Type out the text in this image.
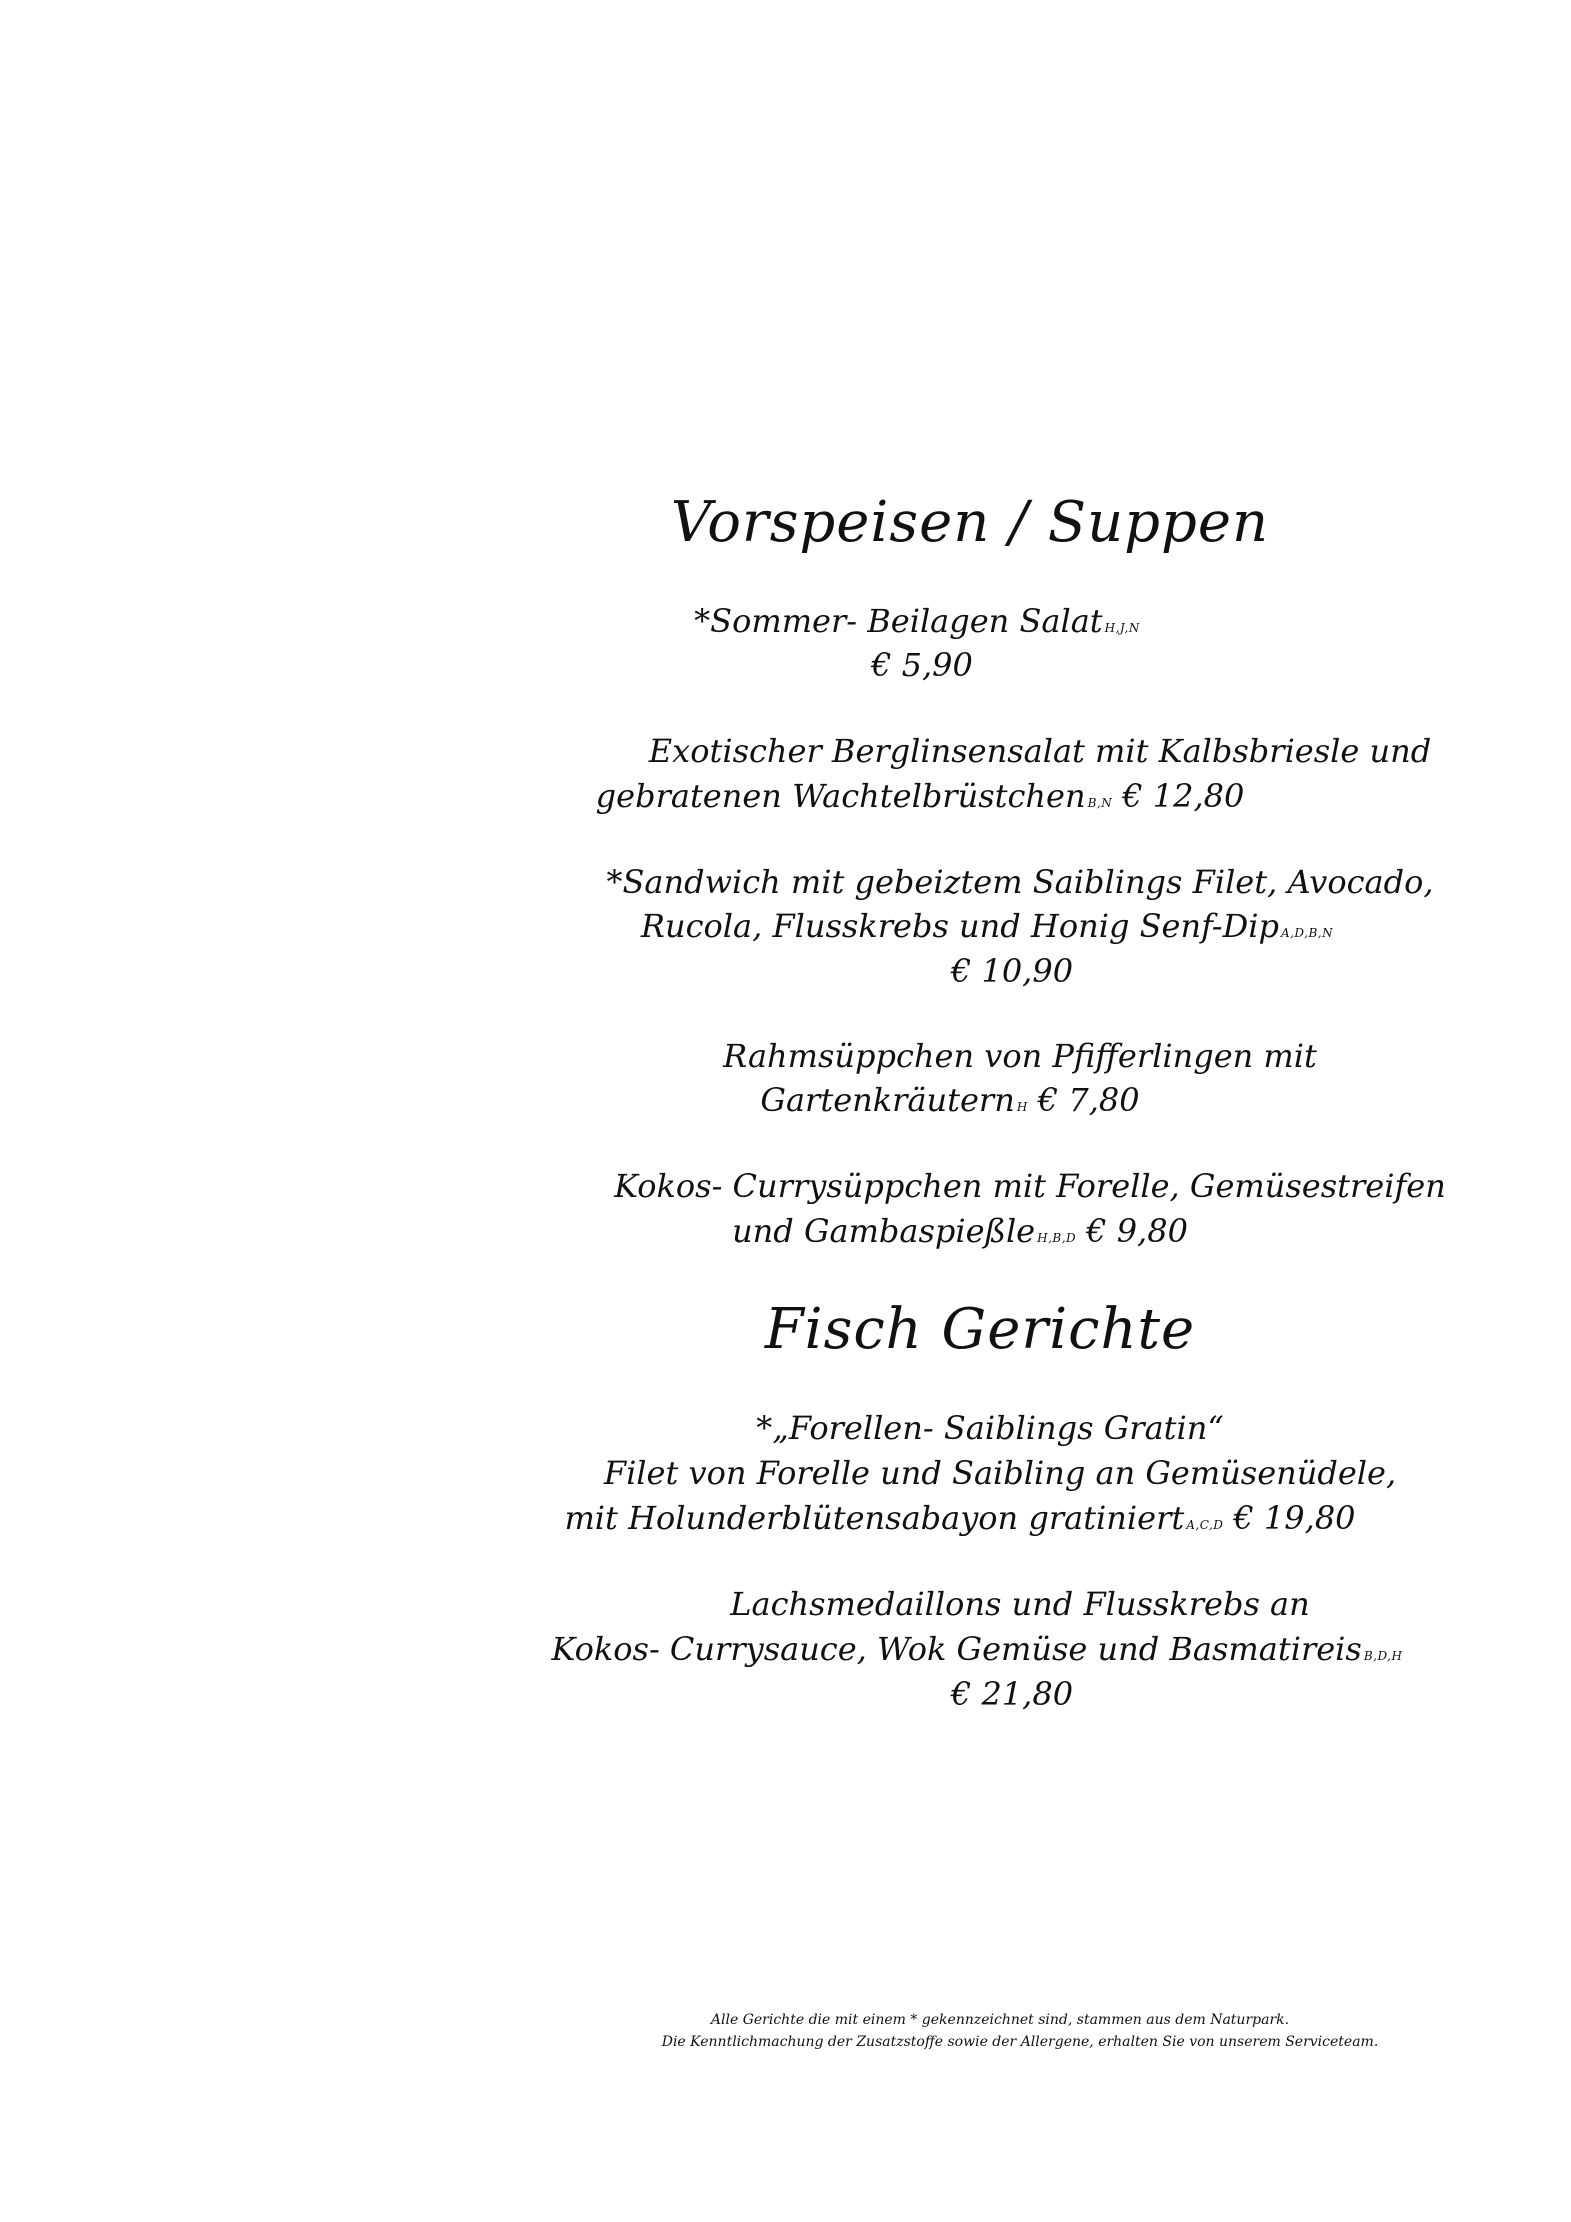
Vorspeisen / Suppen
*Sommer- Beilagen Salat H,J,N
€ 5,90
Exotischer Berglinsensalat mit Kalbsbriesle und
gebratenen Wachtelbrüstchen B,N € 12,80
*Sandwich mit gebeiztem Saiblings Filet, Avocado,
Rucola, Flusskrebs und Honig Senf-Dip A,D,B,N
€ 10,90
Rahmsüppchen von Pfifferlingen mit
Gartenkräutern H € 7,80
Kokos- Currysüppchen mit Forelle, Gemüsestreifen
und Gambaspießle H,B,D € 9,80
Fisch Gerichte
*„Forellen- Saiblings Gratin“
Filet von Forelle und Saibling an Gemüsenüdele,
mit Holunderblütensabayon gratiniert A,C,D € 19,80
Lachsmedaillons und Flusskrebs an
Kokos- Currysauce, Wok Gemüse und Basmatireis B,D,H
€ 21,80
Alle Gerichte die mit einem * gekennzeichnet sind, stammen aus dem Naturpark.
Die Kenntlichmachung der Zusatzstoffe sowie der Allergene, erhalten Sie von unserem Serviceteam.
